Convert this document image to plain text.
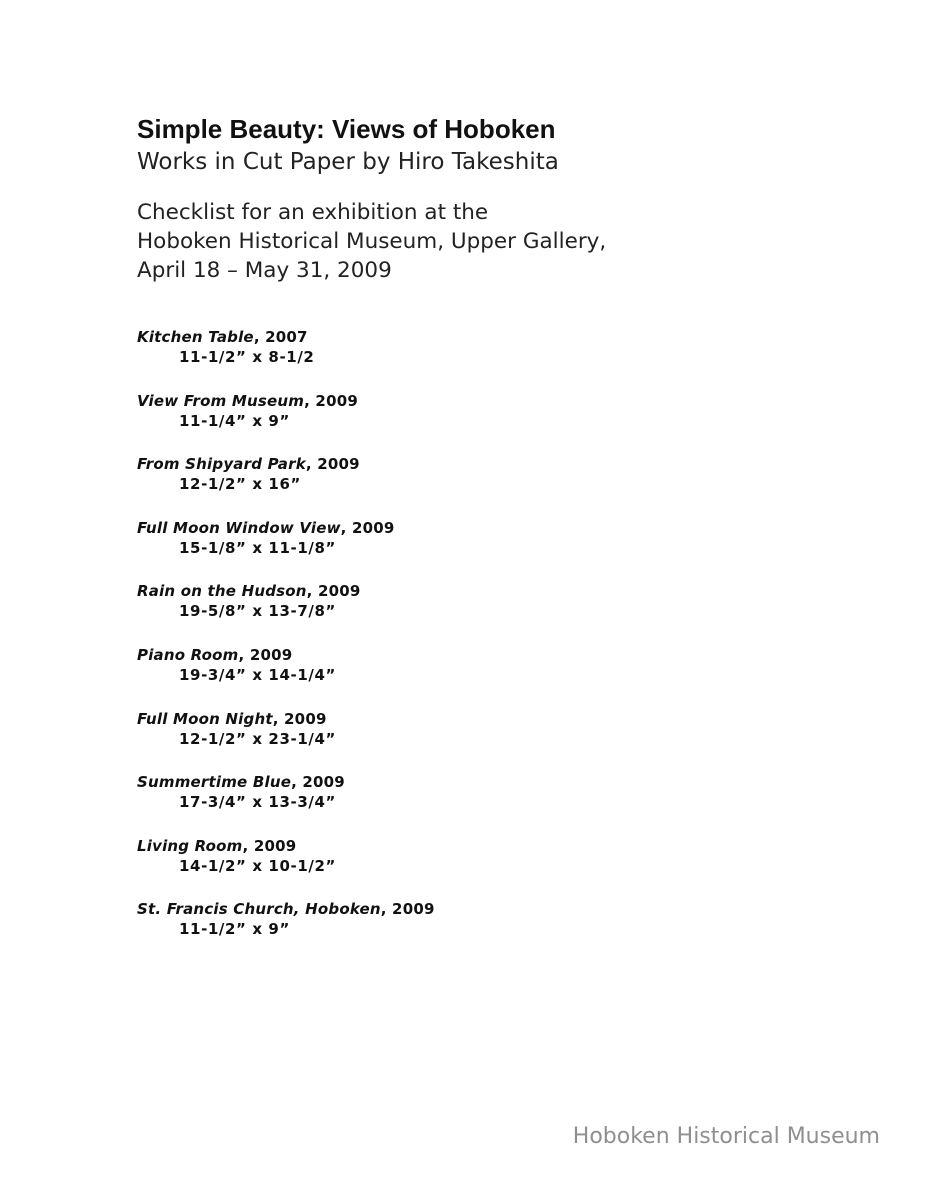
Simple Beauty: Views of Hoboken

Works in Cut Paper by Hiro Takeshita

Checklist for an exhibition at the
Hoboken Historical Museum, Upper Gallery,
April 18 – May 31, 2009
Kitchen Table, 2007
11-1/2” x 8-1/2
View From Museum, 2009
11-1/4” x 9”
From Shipyard Park, 2009
12-1/2” x 16”
Full Moon Window View, 2009
15-1/8” x 11-1/8”
Rain on the Hudson, 2009
19-5/8” x 13-7/8”
Piano Room, 2009
19-3/4” x 14-1/4”
Full Moon Night, 2009
12-1/2” x 23-1/4”
Summertime Blue, 2009
17-3/4” x 13-3/4”
Living Room, 2009
14-1/2” x 10-1/2”
St. Francis Church, Hoboken, 2009
11-1/2” x 9”
Hoboken Historical Museum
